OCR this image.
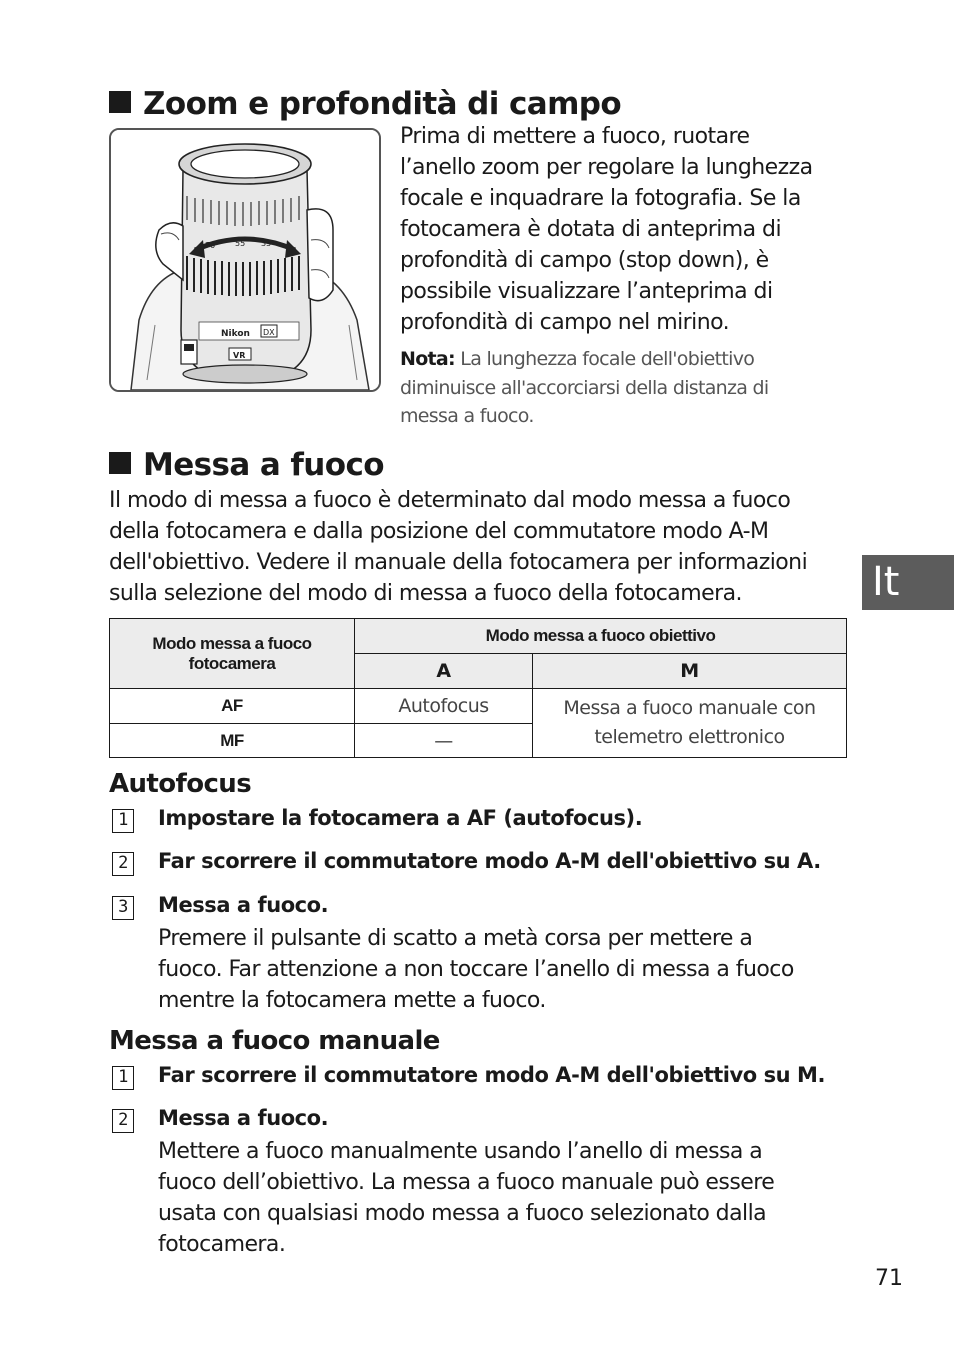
Zoom e profondità di campo
Nikon DX
70 55 35
VR
Prima di mettere a fuoco, ruotare
l’anello zoom per regolare la lunghezza
focale e inquadrare la fotografia. Se la
fotocamera è dotata di anteprima di
profondità di campo (stop down), è
possibile visualizzare l’anteprima di
profondità di campo nel mirino.
Nota: La lunghezza focale dell'obiettivo
diminuisce all'accorciarsi della distanza di
messa a fuoco.
Messa a fuoco
Il modo di messa a fuoco è determinato dal modo messa a fuoco
della fotocamera e dalla posizione del commutatore modo A-M
dell'obiettivo. Vedere il manuale della fotocamera per informazioni
sulla selezione del modo di messa a fuoco della fotocamera.
Modo messa a fuoco
fotocamera	Modo messa a fuoco obiettivo	
	A	M
AF	Autofocus	Messa a fuoco manuale con
telemetro elettronico

MF	—	
Autofocus
1 Impostare la fotocamera a AF (autofocus).
2 Far scorrere il commutatore modo A-M dell'obiettivo su A.
3 Messa a fuoco.
Premere il pulsante di scatto a metà corsa per mettere a
fuoco. Far attenzione a non toccare l’anello di messa a fuoco
mentre la fotocamera mette a fuoco.
Messa a fuoco manuale
1 Far scorrere il commutatore modo A-M dell'obiettivo su M.
2 Messa a fuoco.
Mettere a fuoco manualmente usando l’anello di messa a
fuoco dell’obiettivo. La messa a fuoco manuale può essere
usata con qualsiasi modo messa a fuoco selezionato dalla
fotocamera.
It
71
